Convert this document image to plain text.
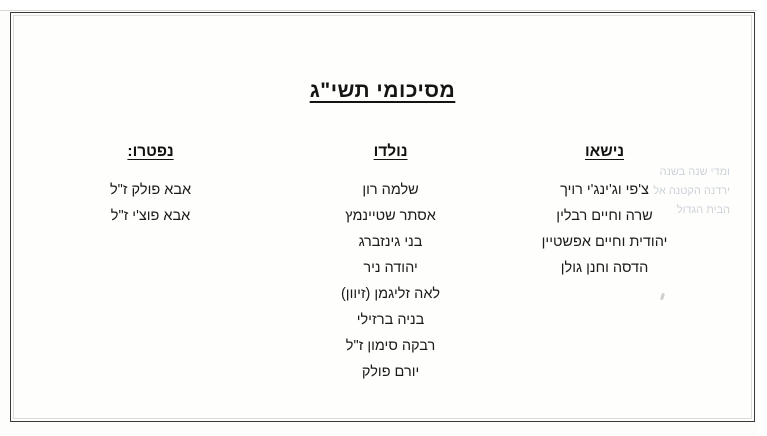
מסיכומי תשי"ג
ומדי שנה בשנה
ירדנה הקטנה אל
הבית הגדול
נישאו
צ'פי וג'ינג'י רויך
שרה וחיים רבלין
יהודית וחיים אפשטיין
הדסה וחנן גולן
נולדו
שלמה רון
אסתר שטיינמץ
בני גינזברג
יהודה ניר
לאה זליגמן (זיוון)
בניה ברזילי
רבקה סימון ז"ל
יורם פולק
נפטרו:
אבא פולק ז"ל
אבא פוצ'י ז"ל
